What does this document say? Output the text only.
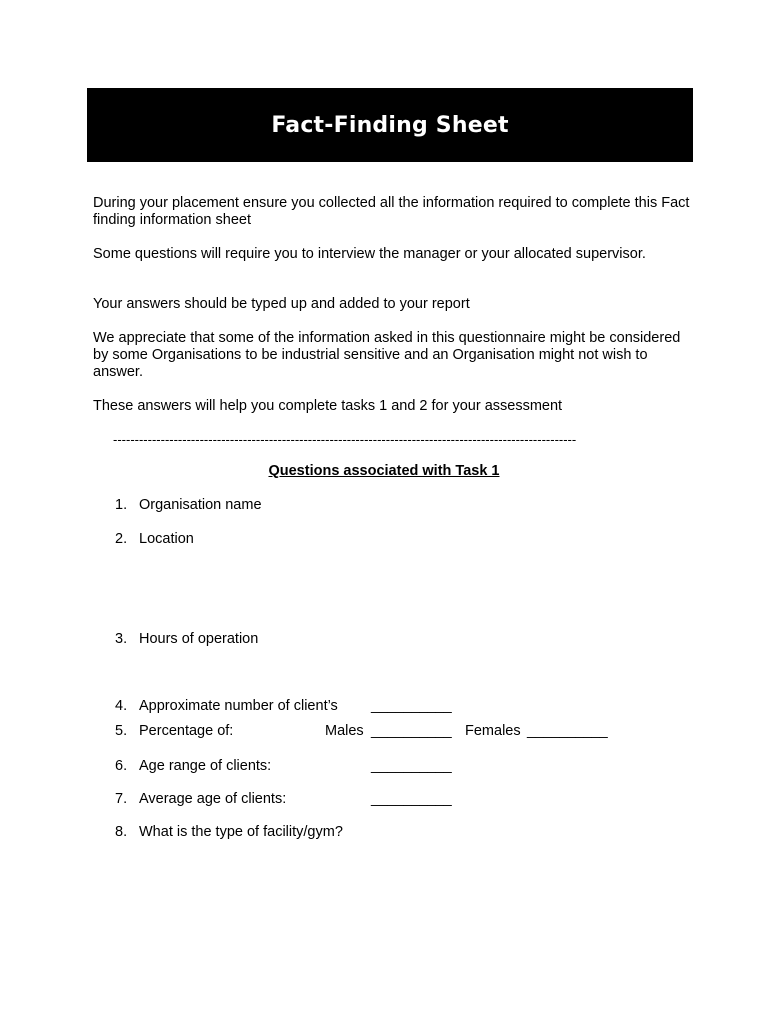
Fact-Finding Sheet

During your placement ensure you collected all the information required to complete this Fact finding information sheet

Some questions will require you to interview the manager or your allocated supervisor.

Your answers should be typed up and added to your report

We appreciate that some of the information asked in this questionnaire might be considered by some Organisations to be industrial sensitive and an Organisation might not wish to answer.

These answers will help you complete tasks 1 and 2 for your assessment

-----------------------------------------------------------------------------------------------------------
Questions associated with Task 1
1. Organisation name
2. Location
3. Hours of operation
4. Approximate number of client’s __________
5. Percentage of:	Males __________ Females __________
6. Age range of clients:	__________
7. Average age of clients:	__________
8. What is the type of facility/gym?
